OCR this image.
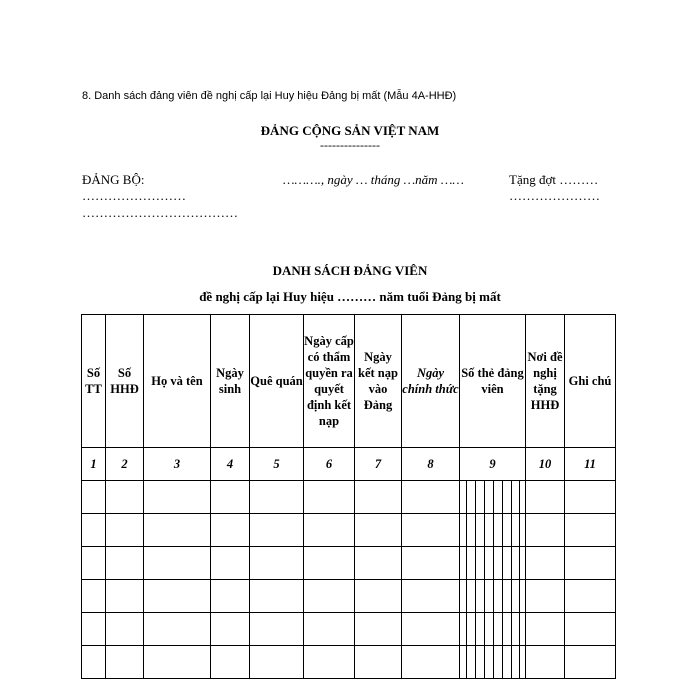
8. Danh sách đảng viên đề nghị cấp lại Huy hiệu Đảng bị mất (Mẫu 4A-HHĐ)
ĐẢNG CỘNG SẢN VIỆT NAM
---------------
ĐẢNG BỘ:
……………………
………………………………
………., ngày … tháng …năm ……	Tặng đợt ………
…………………
DANH SÁCH ĐẢNG VIÊN
đề nghị cấp lại Huy hiệu ……… năm tuổi Đảng bị mất
Số TT	Số HHĐ	Họ và tên	Ngày sinh	Quê quán	Ngày cấp có thẩm quyền ra quyết định kết nạp	Ngày kết nạp vào Đảng	Ngày chính thức	Số thẻ đảng viên	Nơi đề nghị tặng HHĐ	Ghi chú
1	2	3	4	5	6	7	8	9	10	11
